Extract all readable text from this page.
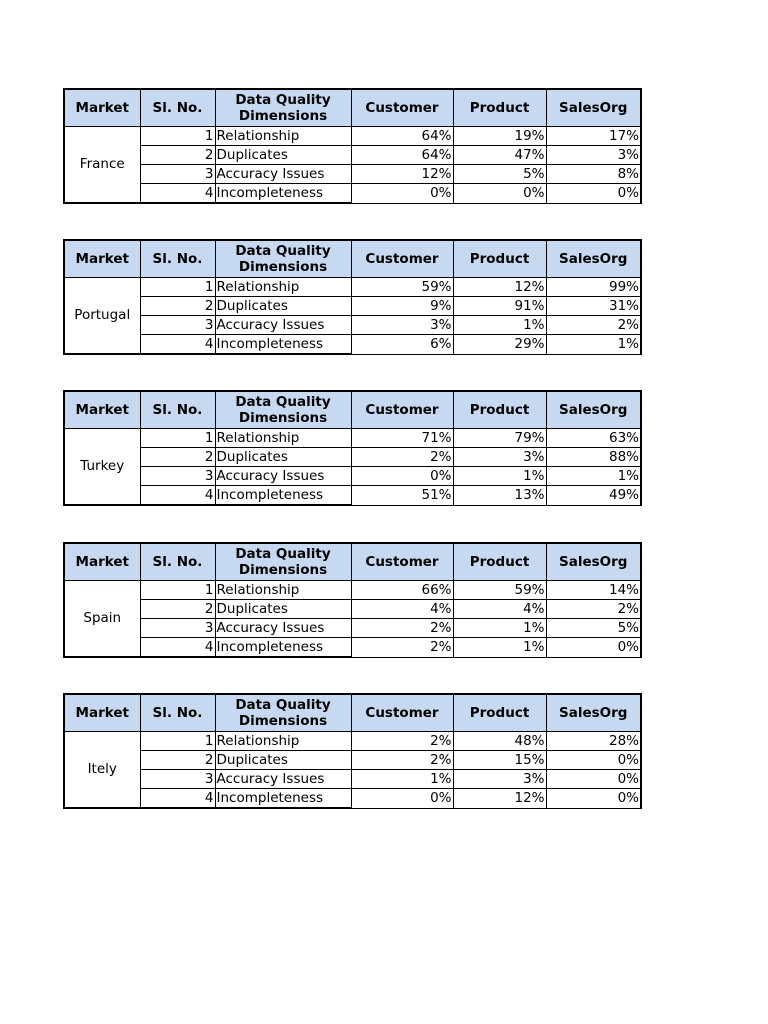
Market	Sl. No.	Data Quality
Dimensions	Customer	Product	SalesOrg
France	1	Relationship	64%	19%	17%
	2	Duplicates	64%	47%	3%
	3	Accuracy Issues	12%	5%	8%
	4	Incompleteness	0%	0%	0%
Market	Sl. No.	Data Quality
Dimensions	Customer	Product	SalesOrg
Portugal	1	Relationship	59%	12%	99%
	2	Duplicates	9%	91%	31%
	3	Accuracy Issues	3%	1%	2%
	4	Incompleteness	6%	29%	1%
Market	Sl. No.	Data Quality
Dimensions	Customer	Product	SalesOrg
Turkey	1	Relationship	71%	79%	63%
	2	Duplicates	2%	3%	88%
	3	Accuracy Issues	0%	1%	1%
	4	Incompleteness	51%	13%	49%
Market	Sl. No.	Data Quality
Dimensions	Customer	Product	SalesOrg
Spain	1	Relationship	66%	59%	14%
	2	Duplicates	4%	4%	2%
	3	Accuracy Issues	2%	1%	5%
	4	Incompleteness	2%	1%	0%
Market	Sl. No.	Data Quality
Dimensions	Customer	Product	SalesOrg
Itely	1	Relationship	2%	48%	28%
	2	Duplicates	2%	15%	0%
	3	Accuracy Issues	1%	3%	0%
	4	Incompleteness	0%	12%	0%
